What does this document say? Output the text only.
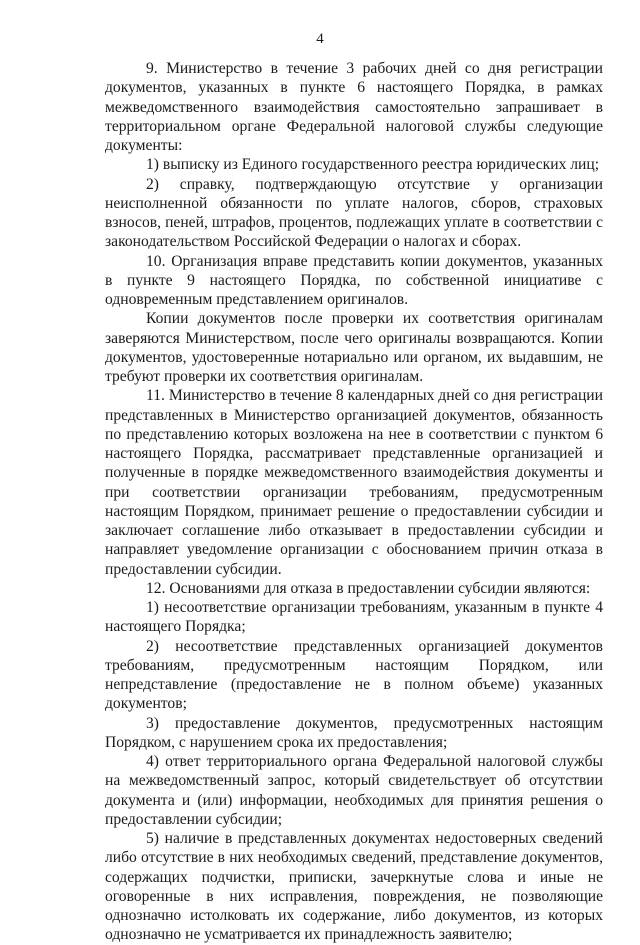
4

9. Министерство в течение 3 рабочих дней со дня регистрации документов, указанных в пункте 6 настоящего Порядка, в рамках межведомственного взаимодействия самостоятельно запрашивает в территориальном органе Федеральной налоговой службы следующие документы:

1) выписку из Единого государственного реестра юридических лиц;

2) справку, подтверждающую отсутствие у организации неисполненной обязанности по уплате налогов, сборов, страховых взносов, пеней, штрафов, процентов, подлежащих уплате в соответствии с законодательством Российской Федерации о налогах и сборах.

10. Организация вправе представить копии документов, указанных в пункте 9 настоящего Порядка, по собственной инициативе с одновременным представлением оригиналов.

Копии документов после проверки их соответствия оригиналам заверяются Министерством, после чего оригиналы возвращаются. Копии документов, удостоверенные нотариально или органом, их выдавшим, не требуют проверки их соответствия оригиналам.

11. Министерство в течение 8 календарных дней со дня регистрации представленных в Министерство организацией документов, обязанность по представлению которых возложена на нее в соответствии с пунктом 6 настоящего Порядка, рассматривает представленные организацией и полученные в порядке межведомственного взаимодействия документы и при соответствии организации требованиям, предусмотренным настоящим Порядком, принимает решение о предоставлении субсидии и заключает соглашение либо отказывает в предоставлении субсидии и направляет уведомление организации с обоснованием причин отказа в предоставлении субсидии.

12. Основаниями для отказа в предоставлении субсидии являются:

1) несоответствие организации требованиям, указанным в пункте 4 настоящего Порядка;

2) несоответствие представленных организацией документов требованиям, предусмотренным настоящим Порядком, или непредставление (предоставление не в полном объеме) указанных документов;

3) предоставление документов, предусмотренных настоящим Порядком, с нарушением срока их предоставления;

4) ответ территориального органа Федеральной налоговой службы на межведомственный запрос, который свидетельствует об отсутствии документа и (или) информации, необходимых для принятия решения о предоставлении субсидии;

5) наличие в представленных документах недостоверных сведений либо отсутствие в них необходимых сведений, представление документов, содержащих подчистки, приписки, зачеркнутые слова и иные не оговоренные в них исправления, повреждения, не позволяющие однозначно истолковать их содержание, либо документов, из которых однозначно не усматривается их принадлежность заявителю;
